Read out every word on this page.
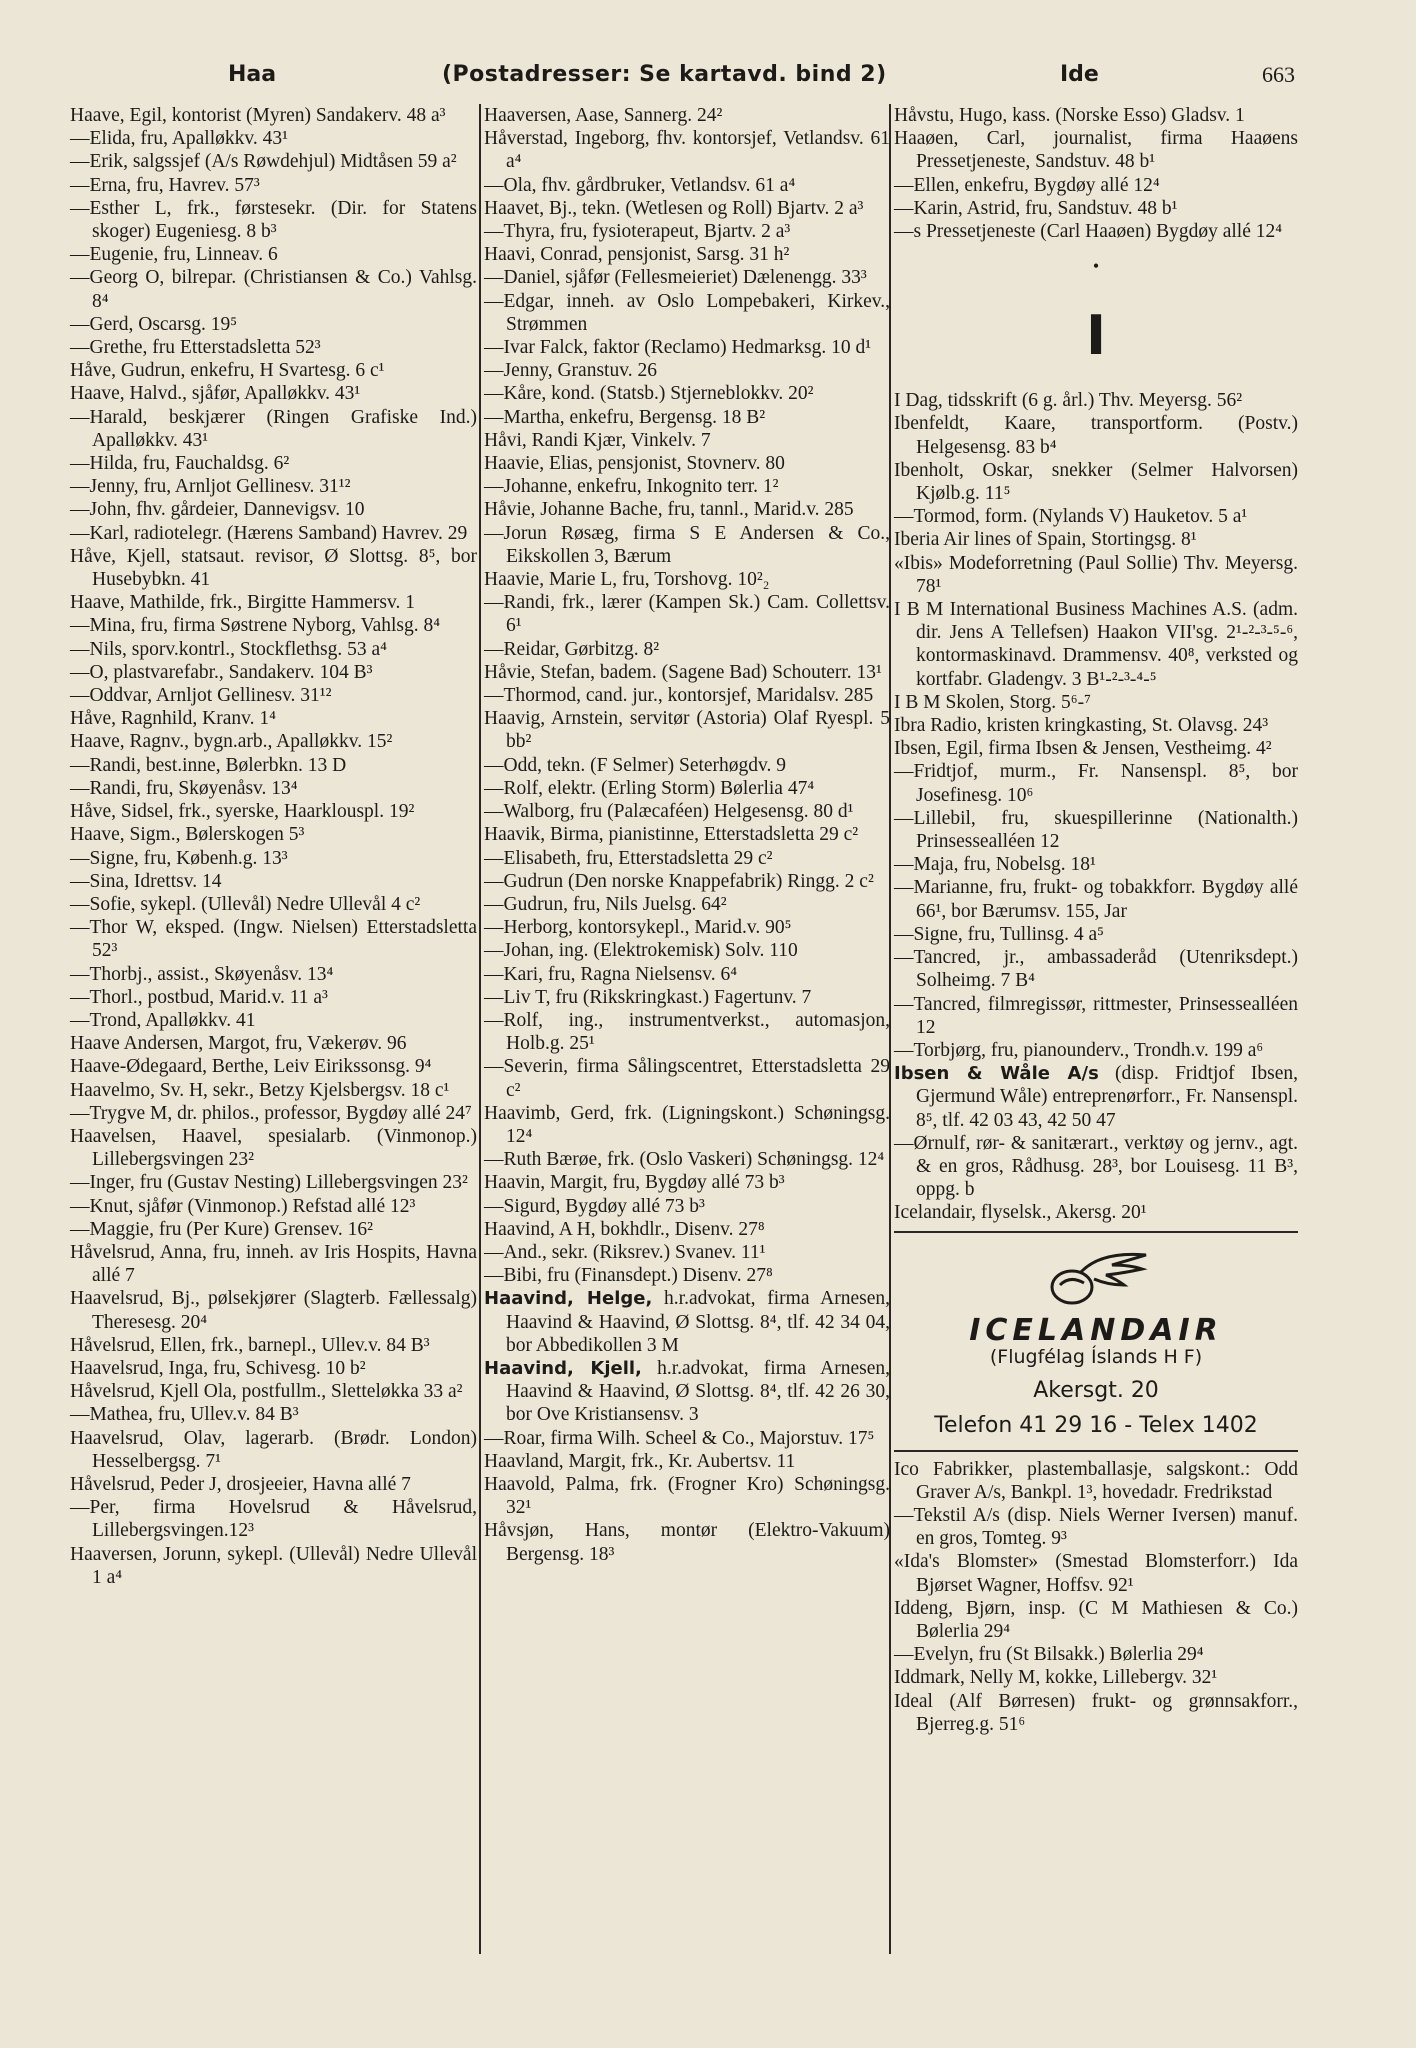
Haa	(Postadresser: Se kartavd. bind 2)	Ide	663

Haave, Egil, kontorist (Myren) Sandakerv. 48 a³

—Elida, fru, Apalløkkv. 43¹

—Erik, salgssjef (A/s Røwdehjul) Midtåsen 59 a²

—Erna, fru, Havrev. 57³

—Esther L, frk., førstesekr. (Dir. for Statens skoger) Eugeniesg. 8 b³

—Eugenie, fru, Linneav. 6

—Georg O, bilrepar. (Christiansen & Co.) Vahlsg. 8⁴

—Gerd, Oscarsg. 19⁵

—Grethe, fru Etterstadsletta 52³

Håve, Gudrun, enkefru, H Svartesg. 6 c¹

Haave, Halvd., sjåfør, Apalløkkv. 43¹

—Harald, beskjærer (Ringen Grafiske Ind.) Apalløkkv. 43¹

—Hilda, fru, Fauchaldsg. 6²

—Jenny, fru, Arnljot Gellinesv. 31¹²

—John, fhv. gårdeier, Dannevigsv. 10

—Karl, radiotelegr. (Hærens Samband) Havrev. 29

Håve, Kjell, statsaut. revisor, Ø Slottsg. 8⁵, bor Husebybkn. 41

Haave, Mathilde, frk., Birgitte Hammersv. 1

—Mina, fru, firma Søstrene Nyborg, Vahlsg. 8⁴

—Nils, sporv.kontrl., Stockflethsg. 53 a⁴

—O, plastvarefabr., Sandakerv. 104 B³

—Oddvar, Arnljot Gellinesv. 31¹²

Håve, Ragnhild, Kranv. 1⁴

Haave, Ragnv., bygn.arb., Apalløkkv. 15²

—Randi, best.inne, Bølerbkn. 13 D

—Randi, fru, Skøyenåsv. 13⁴

Håve, Sidsel, frk., syerske, Haarklouspl. 19²

Haave, Sigm., Bølerskogen 5³

—Signe, fru, Københ.g. 13³

—Sina, Idrettsv. 14

—Sofie, sykepl. (Ullevål) Nedre Ullevål 4 c²

—Thor W, eksped. (Ingw. Nielsen) Etterstadsletta 52³

—Thorbj., assist., Skøyenåsv. 13⁴

—Thorl., postbud, Marid.v. 11 a³

—Trond, Apalløkkv. 41

Haave Andersen, Margot, fru, Vækerøv. 96

Haave-Ødegaard, Berthe, Leiv Eirikssonsg. 9⁴

Haavelmo, Sv. H, sekr., Betzy Kjelsbergsv. 18 c¹

—Trygve M, dr. philos., professor, Bygdøy allé 24⁷

Haavelsen, Haavel, spesialarb. (Vinmonop.) Lillebergsvingen 23²

—Inger, fru (Gustav Nesting) Lillebergsvingen 23²

—Knut, sjåfør (Vinmonop.) Refstad allé 12³

—Maggie, fru (Per Kure) Grensev. 16²

Håvelsrud, Anna, fru, inneh. av Iris Hospits, Havna allé 7

Haavelsrud, Bj., pølsekjører (Slagterb. Fællessalg) Theresesg. 20⁴

Håvelsrud, Ellen, frk., barnepl., Ullev.v. 84 B³

Haavelsrud, Inga, fru, Schivesg. 10 b²

Håvelsrud, Kjell Ola, postfullm., Sletteløkka 33 a²

—Mathea, fru, Ullev.v. 84 B³

Haavelsrud, Olav, lagerarb. (Brødr. London) Hesselbergsg. 7¹

Håvelsrud, Peder J, drosjeeier, Havna allé 7

—Per, firma Hovelsrud & Håvelsrud, Lillebergsvingen.12³

Haaversen, Jorunn, sykepl. (Ullevål) Nedre Ullevål 1 a⁴

Haaversen, Aase, Sannerg. 24²

Håverstad, Ingeborg, fhv. kontorsjef, Vetlandsv. 61 a⁴

—Ola, fhv. gårdbruker, Vetlandsv. 61 a⁴

Haavet, Bj., tekn. (Wetlesen og Roll) Bjartv. 2 a³

—Thyra, fru, fysioterapeut, Bjartv. 2 a³

Haavi, Conrad, pensjonist, Sarsg. 31 h²

—Daniel, sjåfør (Fellesmeieriet) Dælenengg. 33³

—Edgar, inneh. av Oslo Lompebakeri, Kirkev., Strømmen

—Ivar Falck, faktor (Reclamo) Hedmarksg. 10 d¹

—Jenny, Granstuv. 26

—Kåre, kond. (Statsb.) Stjerneblokkv. 20²

—Martha, enkefru, Bergensg. 18 B²

Håvi, Randi Kjær, Vinkelv. 7

Haavie, Elias, pensjonist, Stovnerv. 80

—Johanne, enkefru, Inkognito terr. 1²

Håvie, Johanne Bache, fru, tannl., Marid.v. 285

—Jorun Røsæg, firma S E Andersen & Co., Eikskollen 3, Bærum

Haavie, Marie L, fru, Torshovg. 10²₂

—Randi, frk., lærer (Kampen Sk.) Cam. Collettsv. 6¹

—Reidar, Gørbitzg. 8²

Håvie, Stefan, badem. (Sagene Bad) Schouterr. 13¹

—Thormod, cand. jur., kontorsjef, Maridalsv. 285

Haavig, Arnstein, servitør (Astoria) Olaf Ryespl. 5 bb²

—Odd, tekn. (F Selmer) Seterhøgdv. 9

—Rolf, elektr. (Erling Storm) Bølerlia 47⁴

—Walborg, fru (Palæcaféen) Helgesensg. 80 d¹

Haavik, Birma, pianistinne, Etterstadsletta 29 c²

—Elisabeth, fru, Etterstadsletta 29 c²

—Gudrun (Den norske Knappefabrik) Ringg. 2 c²

—Gudrun, fru, Nils Juelsg. 64²

—Herborg, kontorsykepl., Marid.v. 90⁵

—Johan, ing. (Elektrokemisk) Solv. 110

—Kari, fru, Ragna Nielsensv. 6⁴

—Liv T, fru (Rikskringkast.) Fagertunv. 7

—Rolf, ing., instrumentverkst., automasjon, Holb.g. 25¹

—Severin, firma Sålingscentret, Etterstadsletta 29 c²

Haavimb, Gerd, frk. (Ligningskont.) Schøningsg. 12⁴

—Ruth Bærøe, frk. (Oslo Vaskeri) Schøningsg. 12⁴

Haavin, Margit, fru, Bygdøy allé 73 b³

—Sigurd, Bygdøy allé 73 b³

Haavind, A H, bokhdlr., Disenv. 27⁸

—And., sekr. (Riksrev.) Svanev. 11¹

—Bibi, fru (Finansdept.) Disenv. 27⁸

Haavind, Helge, h.r.advokat, firma Arnesen, Haavind & Haavind, Ø Slottsg. 8⁴, tlf. 42 34 04, bor Abbedikollen 3 M

Haavind, Kjell, h.r.advokat, firma Arnesen, Haavind & Haavind, Ø Slottsg. 8⁴, tlf. 42 26 30, bor Ove Kristiansensv. 3

—Roar, firma Wilh. Scheel & Co., Majorstuv. 17⁵

Haavland, Margit, frk., Kr. Aubertsv. 11

Haavold, Palma, frk. (Frogner Kro) Schøningsg. 32¹

Håvsjøn, Hans, montør (Elektro-Vakuum) Bergensg. 18³

Håvstu, Hugo, kass. (Norske Esso) Gladsv. 1

Haaøen, Carl, journalist, firma Haaøens Pressetjeneste, Sandstuv. 48 b¹

—Ellen, enkefru, Bygdøy allé 12⁴

—Karin, Astrid, fru, Sandstuv. 48 b¹

—s Pressetjeneste (Carl Haaøen) Bygdøy allé 12⁴

•
I

I Dag, tidsskrift (6 g. årl.) Thv. Meyersg. 56²

Ibenfeldt, Kaare, transportform. (Postv.) Helgesensg. 83 b⁴

Ibenholt, Oskar, snekker (Selmer Halvorsen) Kjølb.g. 11⁵

—Tormod, form. (Nylands V) Hauketov. 5 a¹

Iberia Air lines of Spain, Stortingsg. 8¹

«Ibis» Modeforretning (Paul Sollie) Thv. Meyersg. 78¹

I B M International Business Machines A.S. (adm. dir. Jens A Tellefsen) Haakon VII'sg. 2¹‐²‐³‐⁵‐⁶, kontormaskinavd. Drammensv. 40⁸, verksted og kortfabr. Gladengv. 3 B¹‐²‐³‐⁴‐⁵

I B M Skolen, Storg. 5⁶‐⁷

Ibra Radio, kristen kringkasting, St. Olavsg. 24³

Ibsen, Egil, firma Ibsen & Jensen, Vestheimg. 4²

—Fridtjof, murm., Fr. Nansenspl. 8⁵, bor Josefinesg. 10⁶

—Lillebil, fru, skuespillerinne (Nationalth.) Prinsessealléen 12

—Maja, fru, Nobelsg. 18¹

—Marianne, fru, frukt- og tobakkforr. Bygdøy allé 66¹, bor Bærumsv. 155, Jar

—Signe, fru, Tullinsg. 4 a⁵

—Tancred, jr., ambassaderåd (Utenriksdept.) Solheimg. 7 B⁴

—Tancred, filmregissør, rittmester, Prinsessealléen 12

—Torbjørg, fru, pianounderv., Trondh.v. 199 a⁶

Ibsen & Wåle A/s (disp. Fridtjof Ibsen, Gjermund Wåle) entreprenørforr., Fr. Nansenspl. 8⁵, tlf. 42 03 43, 42 50 47

—Ørnulf, rør- & sanitærart., verktøy og jernv., agt. & en gros, Rådhusg. 28³, bor Louisesg. 11 B³, oppg. b

Icelandair, flyselsk., Akersg. 20¹

ICELANDAIR
(Flugfélag Íslands H F)
Akersgt. 20
Telefon 41 29 16 - Telex 1402

Ico Fabrikker, plastemballasje, salgskont.: Odd Graver A/s, Bankpl. 1³, hovedadr. Fredrikstad

—Tekstil A/s (disp. Niels Werner Iversen) manuf. en gros, Tomteg. 9³

«Ida's Blomster» (Smestad Blomsterforr.) Ida Bjørset Wagner, Hoffsv. 92¹

Iddeng, Bjørn, insp. (C M Mathiesen & Co.) Bølerlia 29⁴

—Evelyn, fru (St Bilsakk.) Bølerlia 29⁴

Iddmark, Nelly M, kokke, Lillebergv. 32¹

Ideal (Alf Børresen) frukt- og grønnsakforr., Bjerreg.g. 51⁶
